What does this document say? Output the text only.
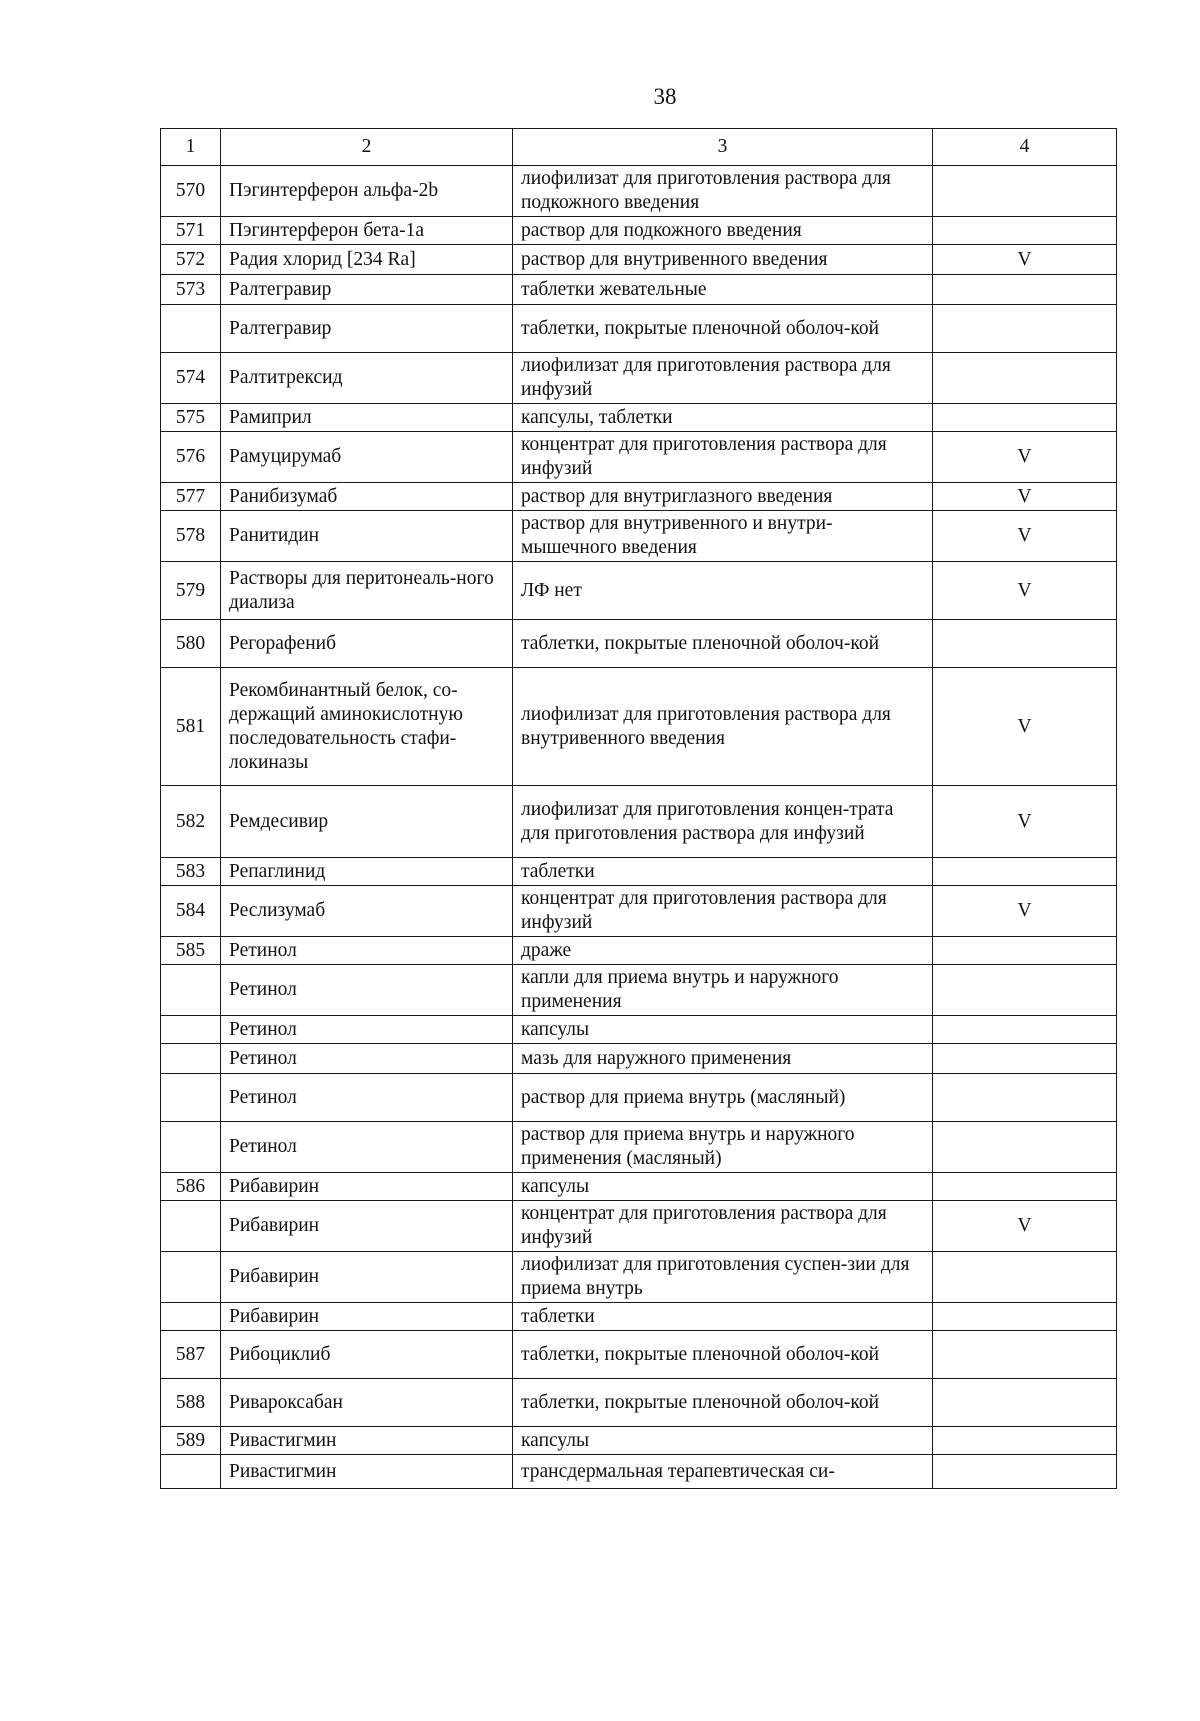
38
1	2	3	4
570	Пэгинтерферон альфа-2b	лиофилизат для приготовления раствора для подкожного введения	
571	Пэгинтерферон бета-1a	раствор для подкожного введения	
572	Радия хлорид [234 Ra]	раствор для внутривенного введения	V
573	Ралтегравир	таблетки жевательные	
	Ралтегравир	таблетки, покрытые пленочной оболоч-кой	
574	Ралтитрексид	лиофилизат для приготовления раствора для инфузий	
575	Рамиприл	капсулы, таблетки	
576	Рамуцирумаб	концентрат для приготовления раствора для инфузий	V
577	Ранибизумаб	раствор для внутриглазного введения	V
578	Ранитидин	раствор для внутривенного и внутри-мышечного введения	V
579	Растворы для перитонеаль-ного диализа	ЛФ нет	V
580	Регорафениб	таблетки, покрытые пленочной оболоч-кой	
581	Рекомбинантный белок, со-держащий аминокислотную последовательность стафи-локиназы	лиофилизат для приготовления раствора для внутривенного введения	V
582	Ремдесивир	лиофилизат для приготовления концен-трата для приготовления раствора для инфузий	V
583	Репаглинид	таблетки	
584	Реслизумаб	концентрат для приготовления раствора для инфузий	V
585	Ретинол	драже	
	Ретинол	капли для приема внутрь и наружного применения	
	Ретинол	капсулы	
	Ретинол	мазь для наружного применения	
	Ретинол	раствор для приема внутрь (масляный)	
	Ретинол	раствор для приема внутрь и наружного применения (масляный)	
586	Рибавирин	капсулы	
	Рибавирин	концентрат для приготовления раствора для инфузий	V
	Рибавирин	лиофилизат для приготовления суспен-зии для приема внутрь	
	Рибавирин	таблетки	
587	Рибоциклиб	таблетки, покрытые пленочной оболоч-кой	
588	Ривароксабан	таблетки, покрытые пленочной оболоч-кой	
589	Ривастигмин	капсулы	
	Ривастигмин	трансдермальная терапевтическая си-	
